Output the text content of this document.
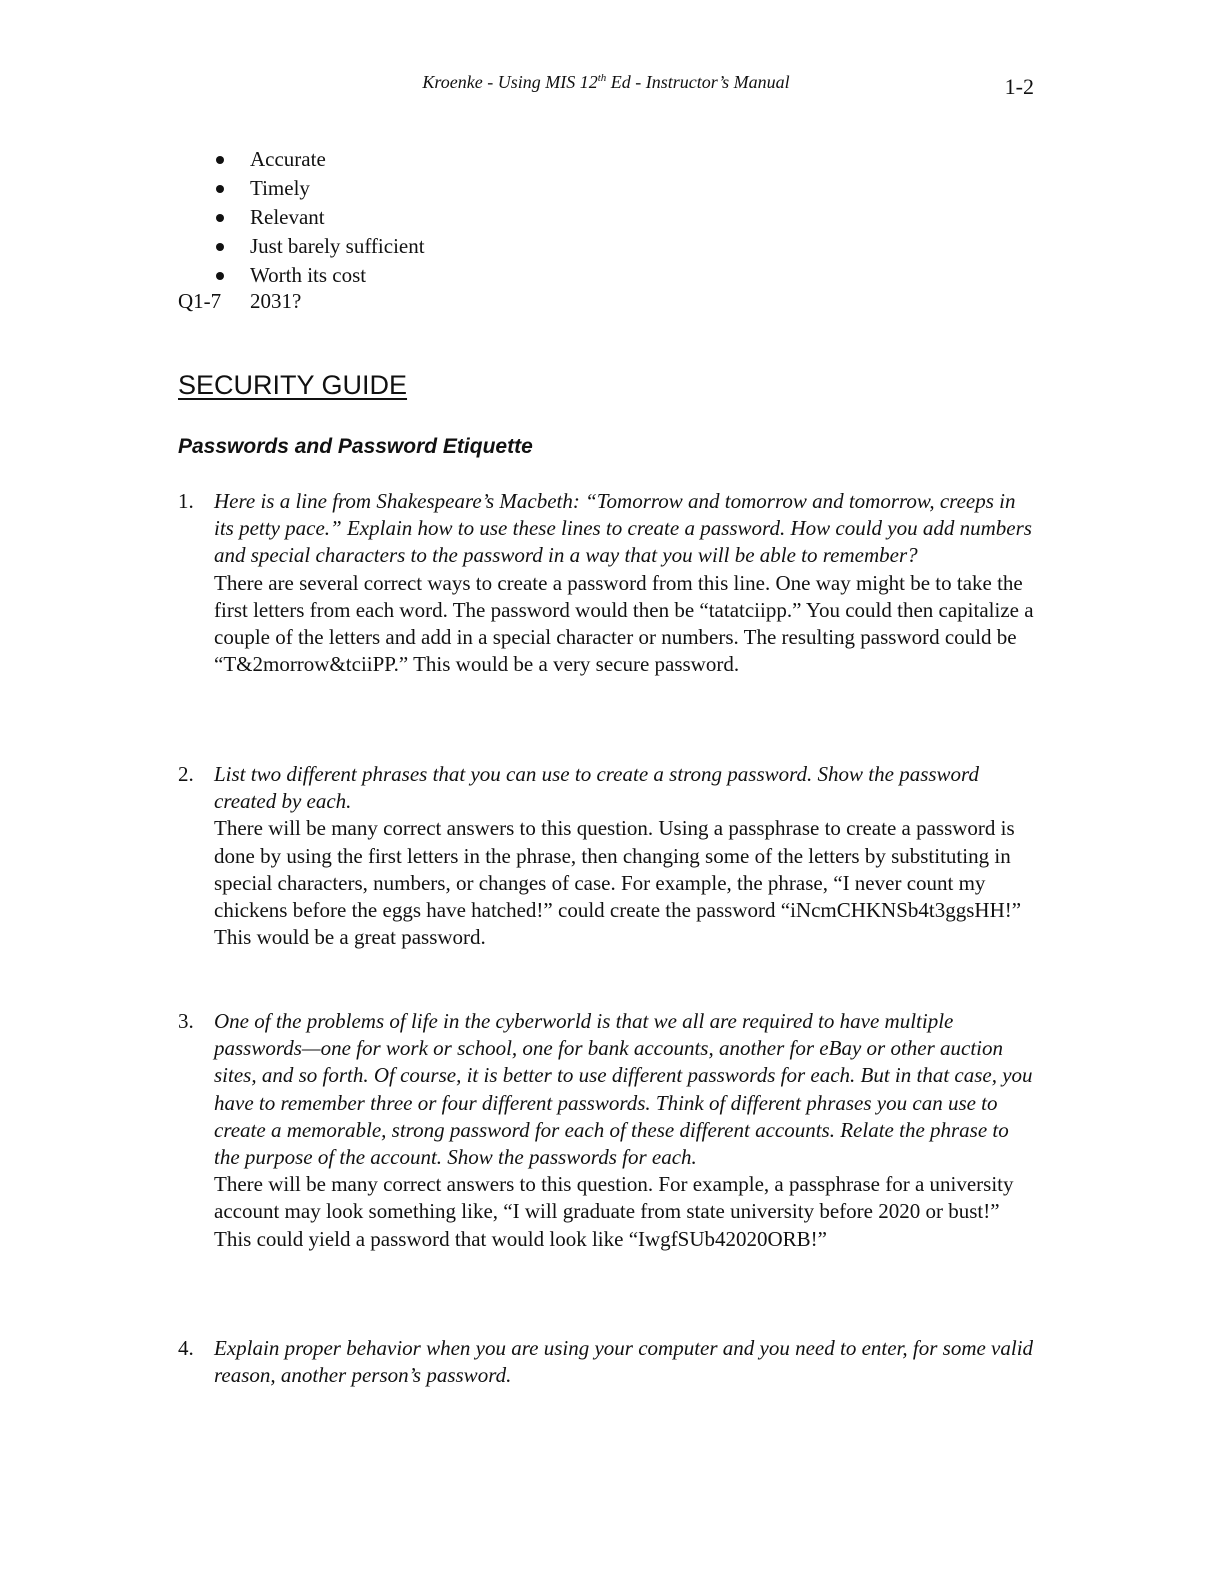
Kroenke - Using MIS 12th Ed - Instructor’s Manual	1-2
Accurate
Timely
Relevant
Just barely sufficient
Worth its cost
Q1-7 2031?
SECURITY GUIDE
Passwords and Password Etiquette
1. Here is a line from Shakespeare’s Macbeth: “Tomorrow and tomorrow and tomorrow, creeps in its petty pace.” Explain how to use these lines to create a password. How could you add numbers and special characters to the password in a way that you will be able to remember?
There are several correct ways to create a password from this line. One way might be to take the first letters from each word. The password would then be “tatatciipp.” You could then capitalize a couple of the letters and add in a special character or numbers. The resulting password could be “T&2morrow&tciiPP.” This would be a very secure password.
2. List two different phrases that you can use to create a strong password. Show the password created by each.
There will be many correct answers to this question. Using a passphrase to create a password is done by using the first letters in the phrase, then changing some of the letters by substituting in special characters, numbers, or changes of case. For example, the phrase, “I never count my chickens before the eggs have hatched!” could create the password “iNcmCHKNSb4t3ggsHH!” This would be a great password.
3. One of the problems of life in the cyberworld is that we all are required to have multiple passwords—one for work or school, one for bank accounts, another for eBay or other auction sites, and so forth. Of course, it is better to use different passwords for each. But in that case, you have to remember three or four different passwords. Think of different phrases you can use to create a memorable, strong password for each of these different accounts. Relate the phrase to the purpose of the account. Show the passwords for each.
There will be many correct answers to this question. For example, a passphrase for a university account may look something like, “I will graduate from state university before 2020 or bust!” This could yield a password that would look like “IwgfSUb42020ORB!”
4. Explain proper behavior when you are using your computer and you need to enter, for some valid reason, another person’s password.
